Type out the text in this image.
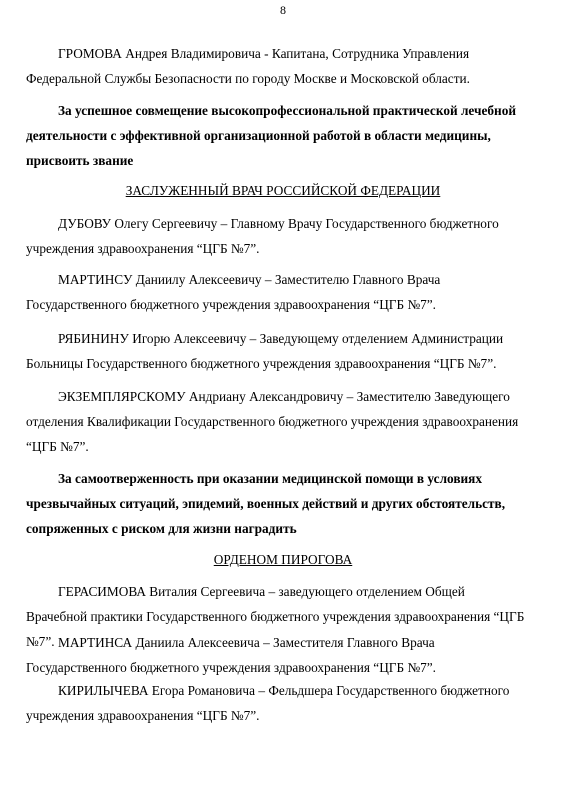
8

ГРОМОВА Андрея Владимировича - Капитана, Сотрудника Управления Федеральной Службы Безопасности по городу Москве и Московской области.

За успешное совмещение высокопрофессиональной практической лечебной деятельности с эффективной организационной работой в области медицины, присвоить звание

ЗАСЛУЖЕННЫЙ ВРАЧ РОССИЙСКОЙ ФЕДЕРАЦИИ

ДУБОВУ Олегу Сергеевичу – Главному Врачу Государственного бюджетного учреждения здравоохранения “ЦГБ №7”.

МАРТИНСУ Даниилу Алексеевичу – Заместителю Главного Врача Государственного бюджетного учреждения здравоохранения “ЦГБ №7”.

РЯБИНИНУ Игорю Алексеевичу – Заведующему отделением Администрации Больницы Государственного бюджетного учреждения здравоохранения “ЦГБ №7”.

ЭКЗЕМПЛЯРСКОМУ Андриану Александровичу – Заместителю Заведующего отделения Квалификации Государственного бюджетного учреждения здравоохранения “ЦГБ №7”.

За самоотверженность при оказании медицинской помощи в условиях чрезвычайных ситуаций, эпидемий, военных действий и других обстоятельств, сопряженных с риском для жизни наградить

ОРДЕНОМ ПИРОГОВА

ГЕРАСИМОВА Виталия Сергеевича – заведующего отделением Общей Врачебной практики Государственного бюджетного учреждения здравоохранения “ЦГБ №7”. МАРТИНСА Даниила Алексеевича – Заместителя Главного Врача Государственного бюджетного учреждения здравоохранения “ЦГБ №7”.

КИРИЛЫЧЕВА Егора Романовича – Фельдшера Государственного бюджетного учреждения здравоохранения “ЦГБ №7”.
